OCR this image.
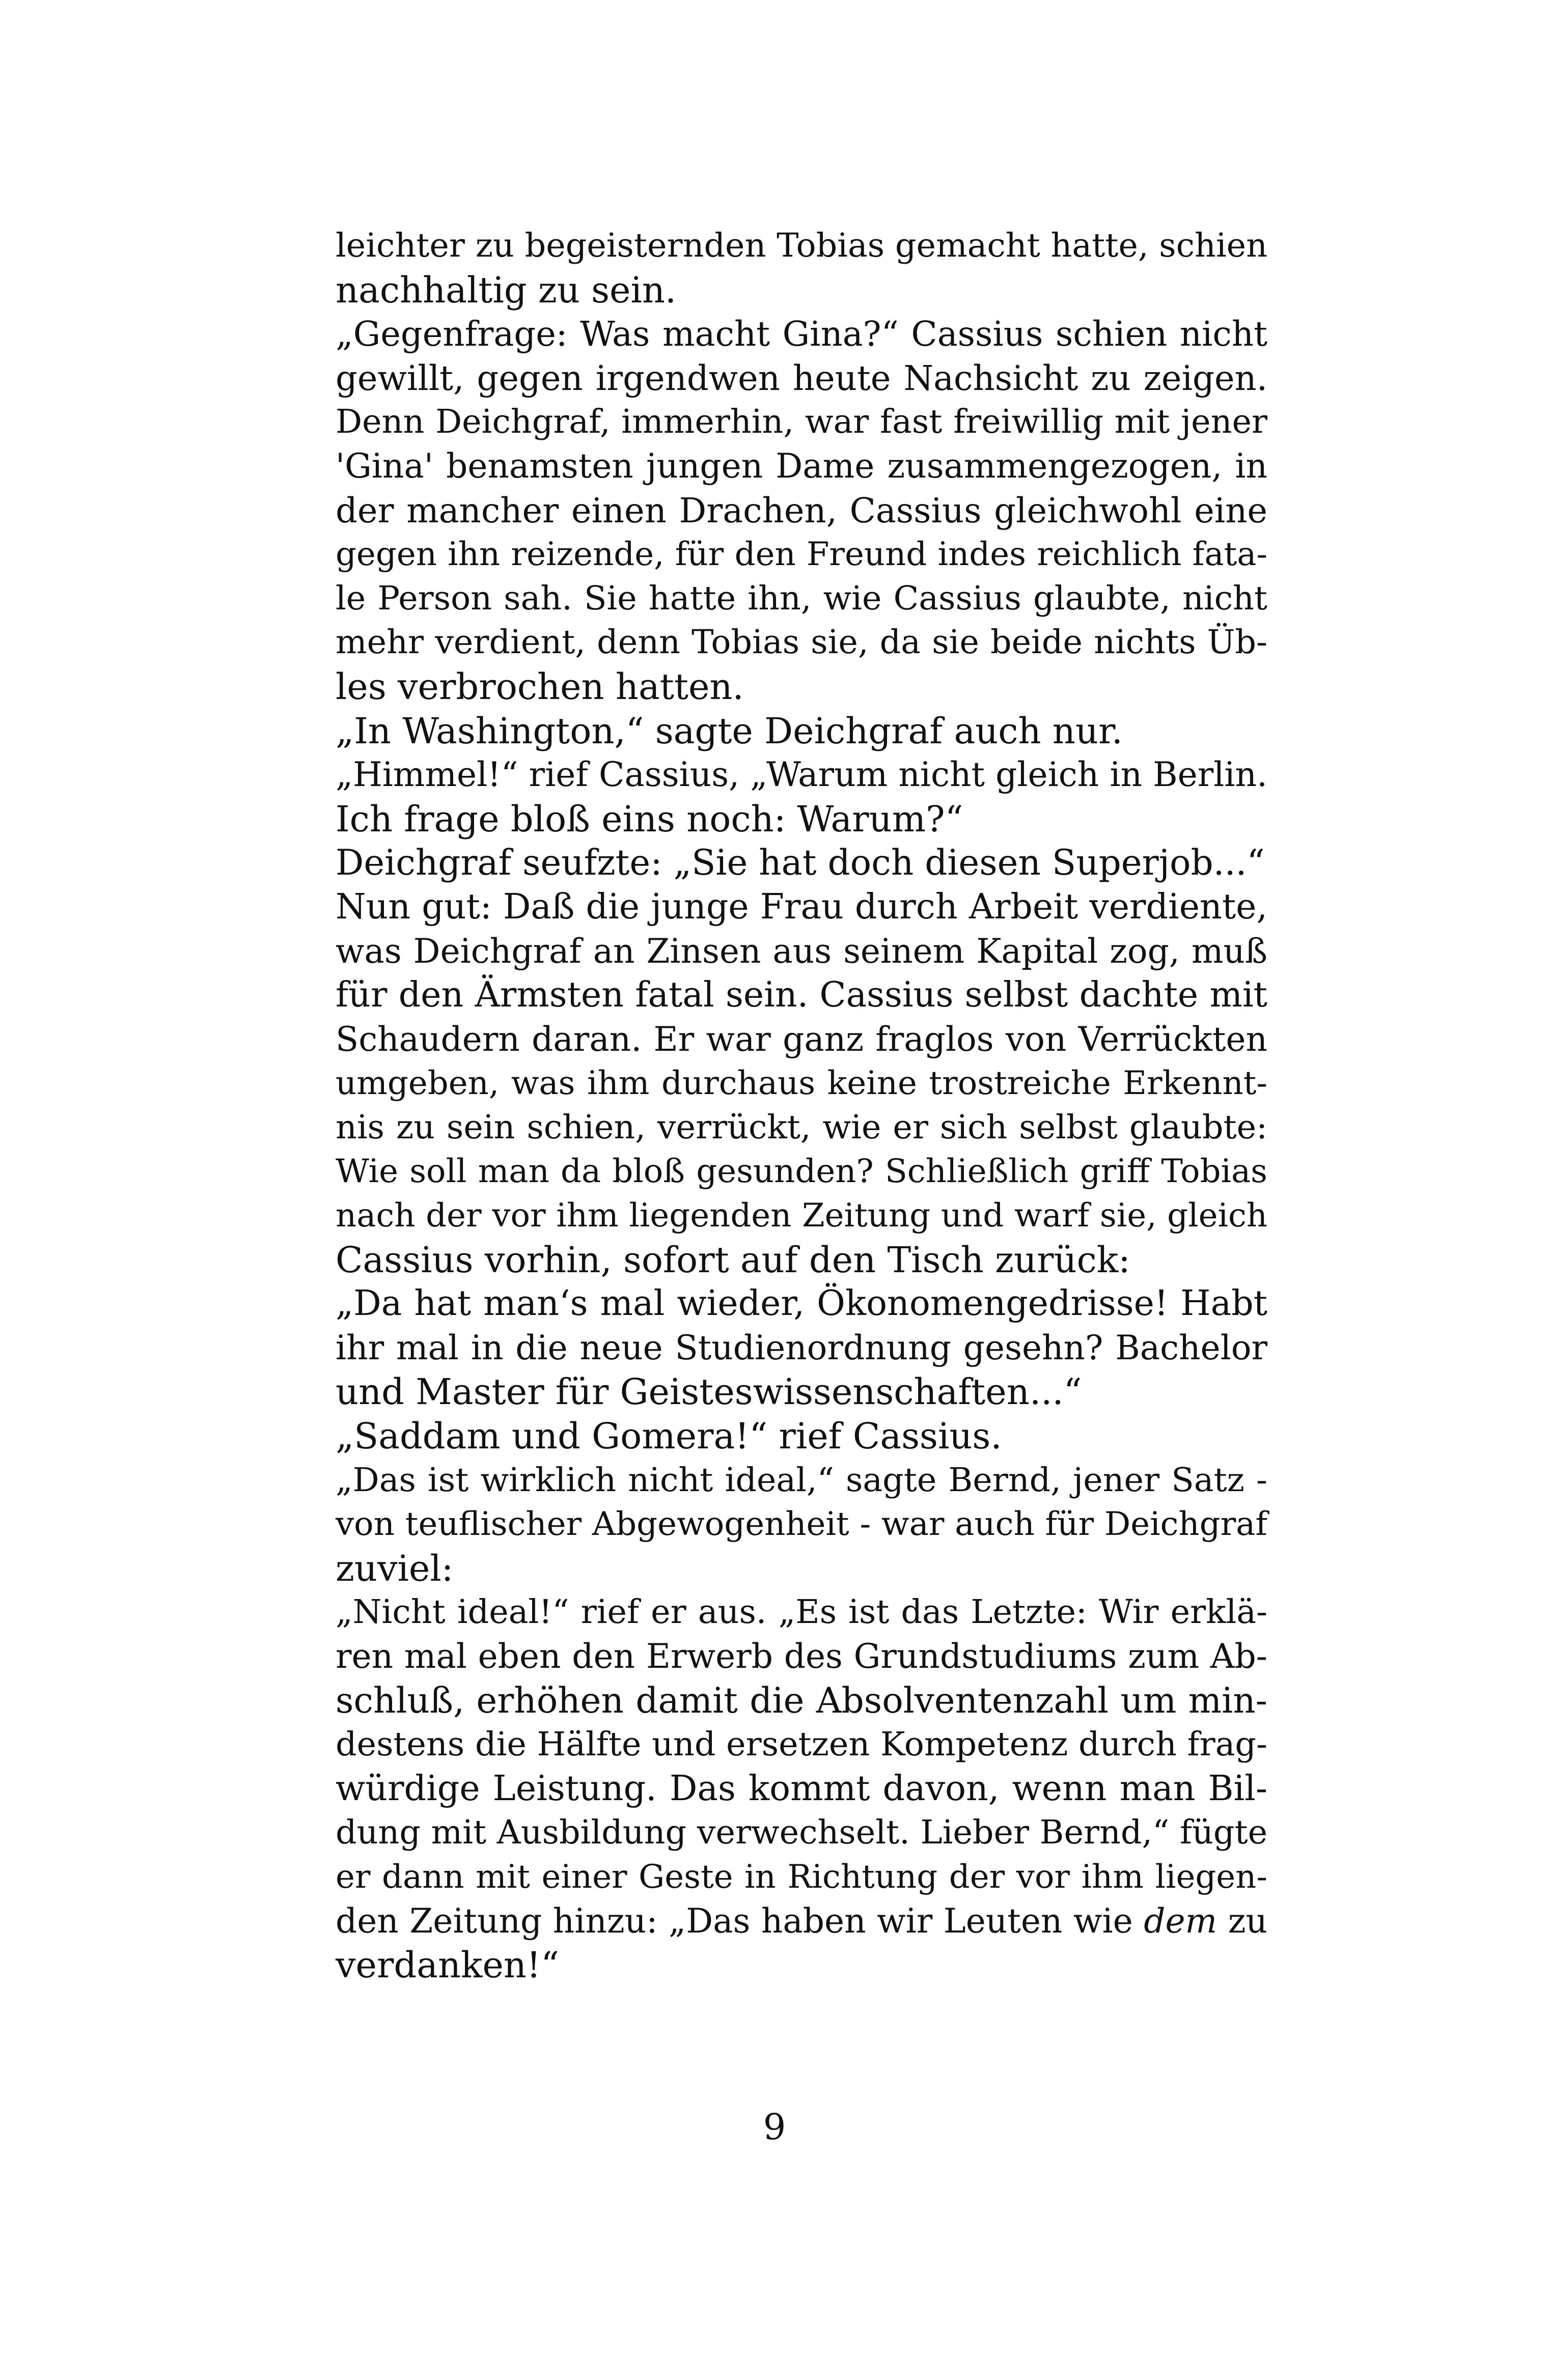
leichter zu begeisternden Tobias gemacht hatte, schien
nachhaltig zu sein.
„Gegenfrage: Was macht Gina?“ Cassius schien nicht
gewillt, gegen irgendwen heute Nachsicht zu zeigen.
Denn Deichgraf, immerhin, war fast freiwillig mit jener
'Gina' benamsten jungen Dame zusammengezogen, in
der mancher einen Drachen, Cassius gleichwohl eine
gegen ihn reizende, für den Freund indes reichlich fata-
le Person sah. Sie hatte ihn, wie Cassius glaubte, nicht
mehr verdient, denn Tobias sie, da sie beide nichts Üb-
les verbrochen hatten.
„In Washington,“ sagte Deichgraf auch nur.
„Himmel!“ rief Cassius, „Warum nicht gleich in Berlin.
Ich frage bloß eins noch: Warum?“
Deichgraf seufzte: „Sie hat doch diesen Superjob...“
Nun gut: Daß die junge Frau durch Arbeit verdiente,
was Deichgraf an Zinsen aus seinem Kapital zog, muß
für den Ärmsten fatal sein. Cassius selbst dachte mit
Schaudern daran. Er war ganz fraglos von Verrückten
umgeben, was ihm durchaus keine trostreiche Erkennt-
nis zu sein schien, verrückt, wie er sich selbst glaubte:
Wie soll man da bloß gesunden? Schließlich griff Tobias
nach der vor ihm liegenden Zeitung und warf sie, gleich
Cassius vorhin, sofort auf den Tisch zurück:
„Da hat man‘s mal wieder, Ökonomengedrisse! Habt
ihr mal in die neue Studienordnung gesehn? Bachelor
und Master für Geisteswissenschaften...“
„Saddam und Gomera!“ rief Cassius.
„Das ist wirklich nicht ideal,“ sagte Bernd, jener Satz -
von teuflischer Abgewogenheit - war auch für Deichgraf
zuviel:
„Nicht ideal!“ rief er aus. „Es ist das Letzte: Wir erklä-
ren mal eben den Erwerb des Grundstudiums zum Ab-
schluß, erhöhen damit die Absolventenzahl um min-
destens die Hälfte und ersetzen Kompetenz durch frag-
würdige Leistung. Das kommt davon, wenn man Bil-
dung mit Ausbildung verwechselt. Lieber Bernd,“ fügte
er dann mit einer Geste in Richtung der vor ihm liegen-
den Zeitung hinzu: „Das haben wir Leuten wie dem zu
verdanken!“
9
